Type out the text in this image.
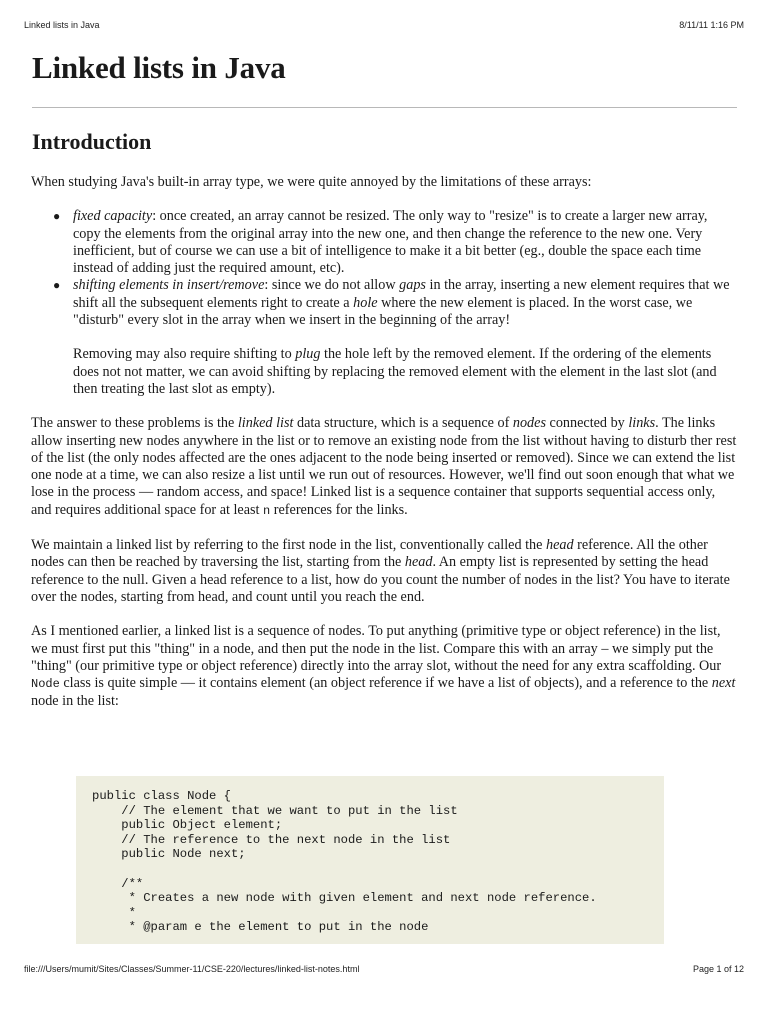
Linked lists in Java	8/11/11 1:16 PM
Linked lists in Java
Introduction

When studying Java's built-in array type, we were quite annoyed by the limitations of these arrays:

● fixed capacity: once created, an array cannot be resized. The only way to "resize" is to create a larger new array, copy the elements from the original array into the new one, and then change the reference to the new one. Very inefficient, but of course we can use a bit of intelligence to make it a bit better (eg., double the space each time instead of adding just the required amount, etc).

● shifting elements in insert/remove: since we do not allow gaps in the array, inserting a new element requires that we shift all the subsequent elements right to create a hole where the new element is placed. In the worst case, we "disturb" every slot in the array when we insert in the beginning of the array!

Removing may also require shifting to plug the hole left by the removed element. If the ordering of the elements does not not matter, we can avoid shifting by replacing the removed element with the element in the last slot (and then treating the last slot as empty).

The answer to these problems is the linked list data structure, which is a sequence of nodes connected by links. The links allow inserting new nodes anywhere in the list or to remove an existing node from the list without having to disturb ther rest of the list (the only nodes affected are the ones adjacent to the node being inserted or removed). Since we can extend the list one node at a time, we can also resize a list until we run out of resources. However, we'll find out soon enough that what we lose in the process — random access, and space! Linked list is a sequence container that supports sequential access only, and requires additional space for at least n references for the links.

We maintain a linked list by referring to the first node in the list, conventionally called the head reference. All the other nodes can then be reached by traversing the list, starting from the head. An empty list is represented by setting the head reference to the null. Given a head reference to a list, how do you count the number of nodes in the list? You have to iterate over the nodes, starting from head, and count until you reach the end.

As I mentioned earlier, a linked list is a sequence of nodes. To put anything (primitive type or object reference) in the list, we must first put this "thing" in a node, and then put the node in the list. Compare this with an array – we simply put the "thing" (our primitive type or object reference) directly into the array slot, without the need for any extra scaffolding. Our Node class is quite simple — it contains element (an object reference if we have a list of objects), and a reference to the next node in the list:

public class Node {
// The element that we want to put in the list
public Object element;
// The reference to the next node in the list
public Node next;
/**
* Creates a new node with given element and next node reference.
*
* @param e the element to put in the node
file:///Users/mumit/Sites/Classes/Summer-11/CSE-220/lectures/linked-list-notes.html	Page 1 of 12
